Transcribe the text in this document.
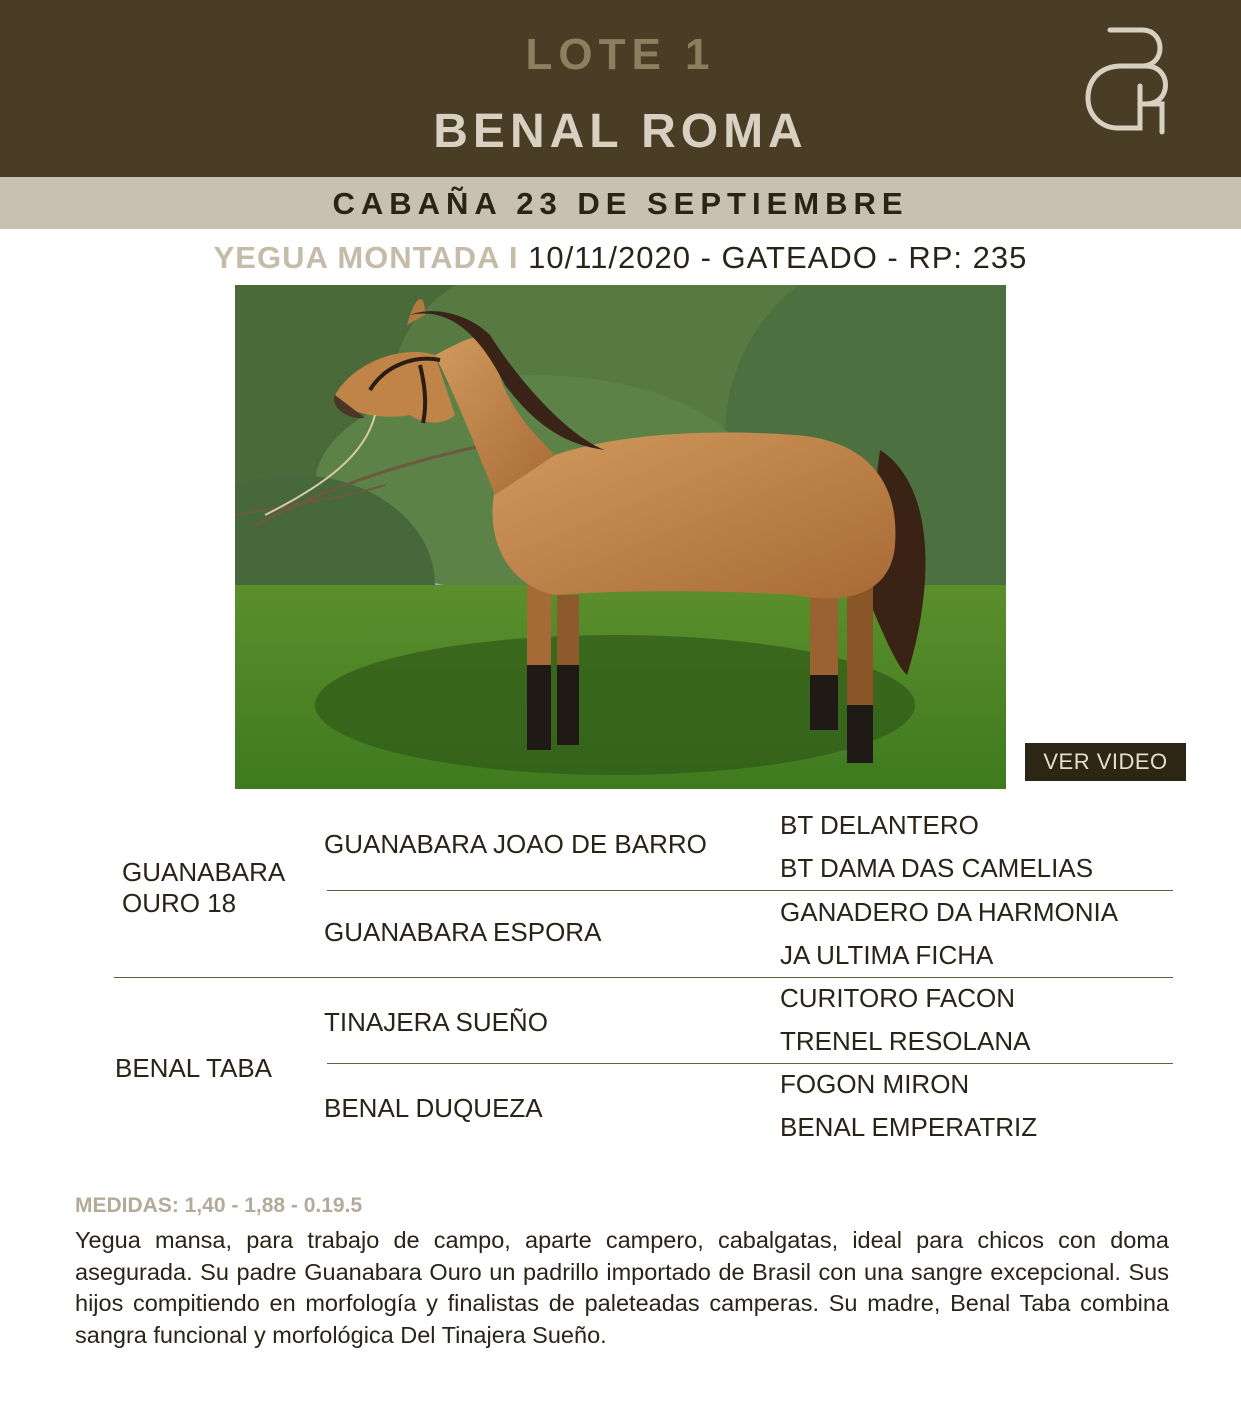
LOTE 1
BENAL ROMA
CABAÑA 23 DE SEPTIEMBRE
YEGUA MONTADA I 10/11/2020 - GATEADO - RP: 235
VER VIDEO
GUANABARA OURO 18
GUANABARA JOAO DE BARRO
GUANABARA ESPORA
BENAL TABA
TINAJERA SUEÑO
BENAL DUQUEZA
BT DELANTERO
BT DAMA DAS CAMELIAS
GANADERO DA HARMONIA
JA ULTIMA FICHA
CURITORO FACON
TRENEL RESOLANA
FOGON MIRON
BENAL EMPERATRIZ
MEDIDAS: 1,40 - 1,88 - 0.19.5
Yegua mansa, para trabajo de campo, aparte campero, cabalgatas, ideal para chicos con doma asegurada. Su padre Guanabara Ouro un padrillo importado de Brasil con una sangre excepcional. Sus hijos compitiendo en morfología y finalistas de paleteadas camperas. Su madre, Benal Taba combina sangra funcional y morfológica Del Tinajera Sueño.
